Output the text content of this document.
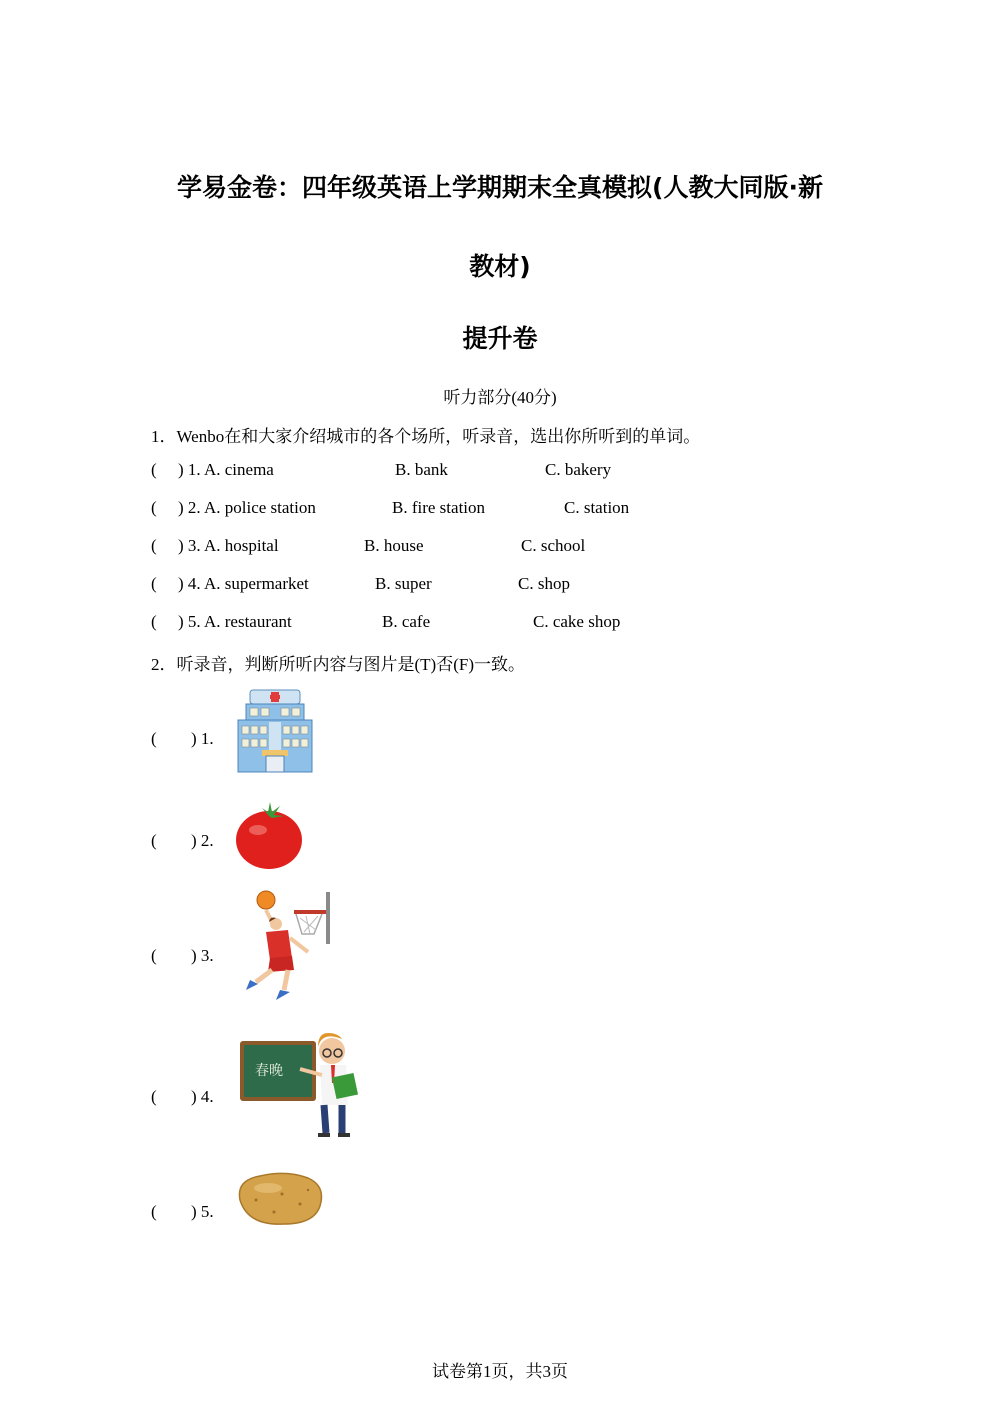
学易金卷：四年级英语上学期期末全真模拟(人教大同版·新
教材)
提升卷
听力部分(40分)
1．Wenbo在和大家介绍城市的各个场所，听录音，选出你所听到的单词。
( ) 1. A. cinema	B. bank	C. bakery
( ) 2. A. police station	B. fire station	C. station
( ) 3. A. hospital	B. house	C. school
( ) 4. A. supermarket	B. super	C. shop
( ) 5. A. restaurant	B. cafe	C. cake shop
2．听录音，判断所听内容与图片是(T)否(F)一致。
( ) 1.
( ) 2.
( ) 3.
( ) 4.
春晚
( ) 5.
试卷第1页，共3页
